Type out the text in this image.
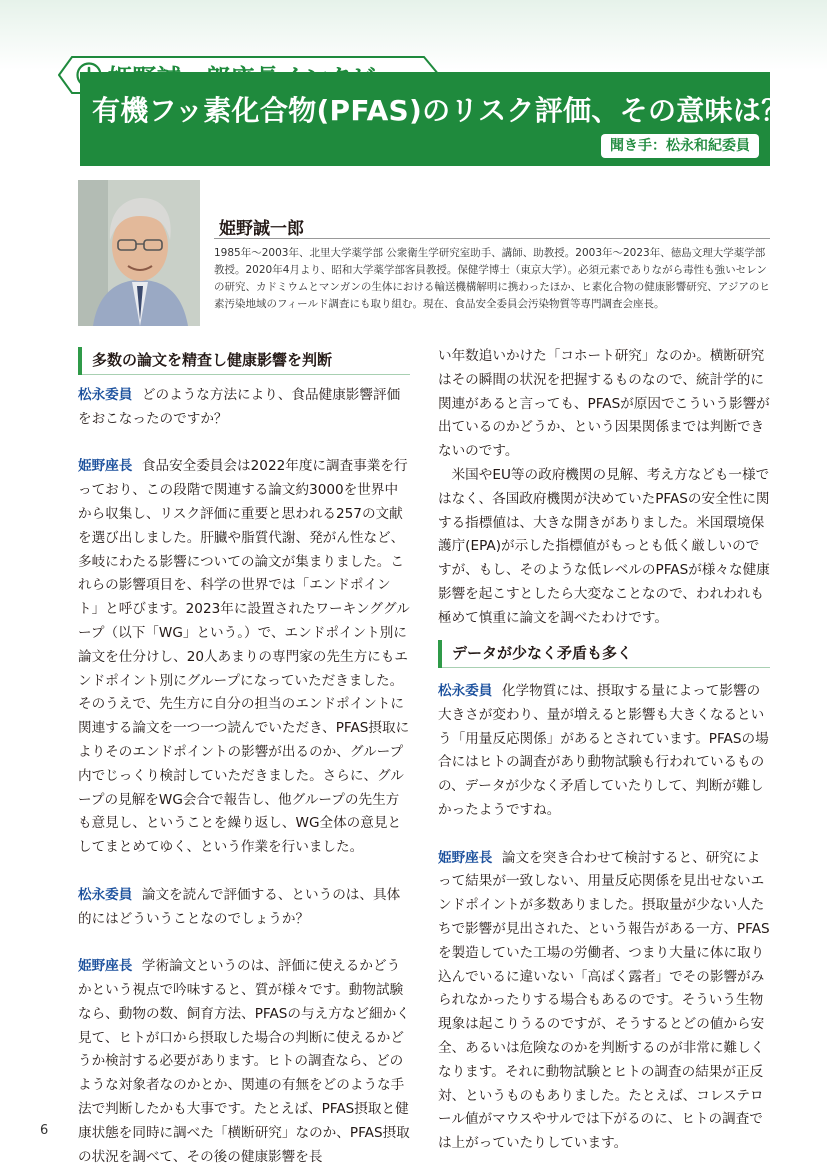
有機フッ素化合物(PFAS)のリスク評価、その意味は？
聞き手：松永和紀委員
姫野誠一郎
1985年〜2003年、北里大学薬学部 公衆衛生学研究室助手、講師、助教授。2003年〜2023年、徳島文理大学薬学部教授。2020年4月より、昭和大学薬学部客員教授。保健学博士（東京大学）。必須元素でありながら毒性も強いセレンの研究、カドミウムとマンガンの生体における輸送機構解明に携わったほか、ヒ素化合物の健康影響研究、アジアのヒ素汚染地域のフィールド調査にも取り組む。現在、食品安全委員会汚染物質等専門調査会座長。
多数の論文を精査し健康影響を判断

松永委員 どのような方法により、食品健康影響評価をおこなったのですか？

姫野座長 食品安全委員会は2022年度に調査事業を行っており、この段階で関連する論文約3000を世界中から収集し、リスク評価に重要と思われる257の文献を選び出しました。肝臓や脂質代謝、発がん性など、多岐にわたる影響についての論文が集まりました。これらの影響項目を、科学の世界では「エンドポイント」と呼びます。2023年に設置されたワーキンググループ（以下「WG」という。）で、エンドポイント別に論文を仕分けし、20人あまりの専門家の先生方にもエンドポイント別にグループになっていただきました。そのうえで、先生方に自分の担当のエンドポイントに関連する論文を一つ一つ読んでいただき、PFAS摂取によりそのエンドポイントの影響が出るのか、グループ内でじっくり検討していただきました。さらに、グループの見解をWG会合で報告し、他グループの先生方も意見し、ということを繰り返し、WG全体の意見としてまとめてゆく、という作業を行いました。

松永委員 論文を読んで評価する、というのは、具体的にはどういうことなのでしょうか？

姫野座長 学術論文というのは、評価に使えるかどうかという視点で吟味すると、質が様々です。動物試験なら、動物の数、飼育方法、PFASの与え方など細かく見て、ヒトが口から摂取した場合の判断に使えるかどうか検討する必要があります。ヒトの調査なら、どのような対象者なのかとか、関連の有無をどのような手法で判断したかも大事です。たとえば、PFAS摂取と健康状態を同時に調べた「横断研究」なのか、PFAS摂取の状況を調べて、その後の健康影響を長

い年数追いかけた「コホート研究」なのか。横断研究はその瞬間の状況を把握するものなので、統計学的に関連があると言っても、PFASが原因でこういう影響が出ているのかどうか、という因果関係までは判断できないのです。

米国やEU等の政府機関の見解、考え方なども一様ではなく、各国政府機関が決めていたPFASの安全性に関する指標値は、大きな開きがありました。米国環境保護庁(EPA)が示した指標値がもっとも低く厳しいのですが、もし、そのような低レベルのPFASが様々な健康影響を起こすとしたら大変なことなので、われわれも極めて慎重に論文を調べたわけです。

データが少なく矛盾も多く

松永委員 化学物質には、摂取する量によって影響の大きさが変わり、量が増えると影響も大きくなるという「用量反応関係」があるとされています。PFASの場合にはヒトの調査があり動物試験も行われているものの、データが少なく矛盾していたりして、判断が難しかったようですね。

姫野座長 論文を突き合わせて検討すると、研究によって結果が一致しない、用量反応関係を見出せないエンドポイントが多数ありました。摂取量が少ない人たちで影響が見出された、という報告がある一方、PFASを製造していた工場の労働者、つまり大量に体に取り込んでいるに違いない「高ばく露者」でその影響がみられなかったりする場合もあるのです。そういう生物現象は起こりうるのですが、そうするとどの値から安全、あるいは危険なのかを判断するのが非常に難しくなります。それに動物試験とヒトの調査の結果が正反対、というものもありました。たとえば、コレステロール値がマウスやサルでは下がるのに、ヒトの調査では上がっていたりしています。

6
